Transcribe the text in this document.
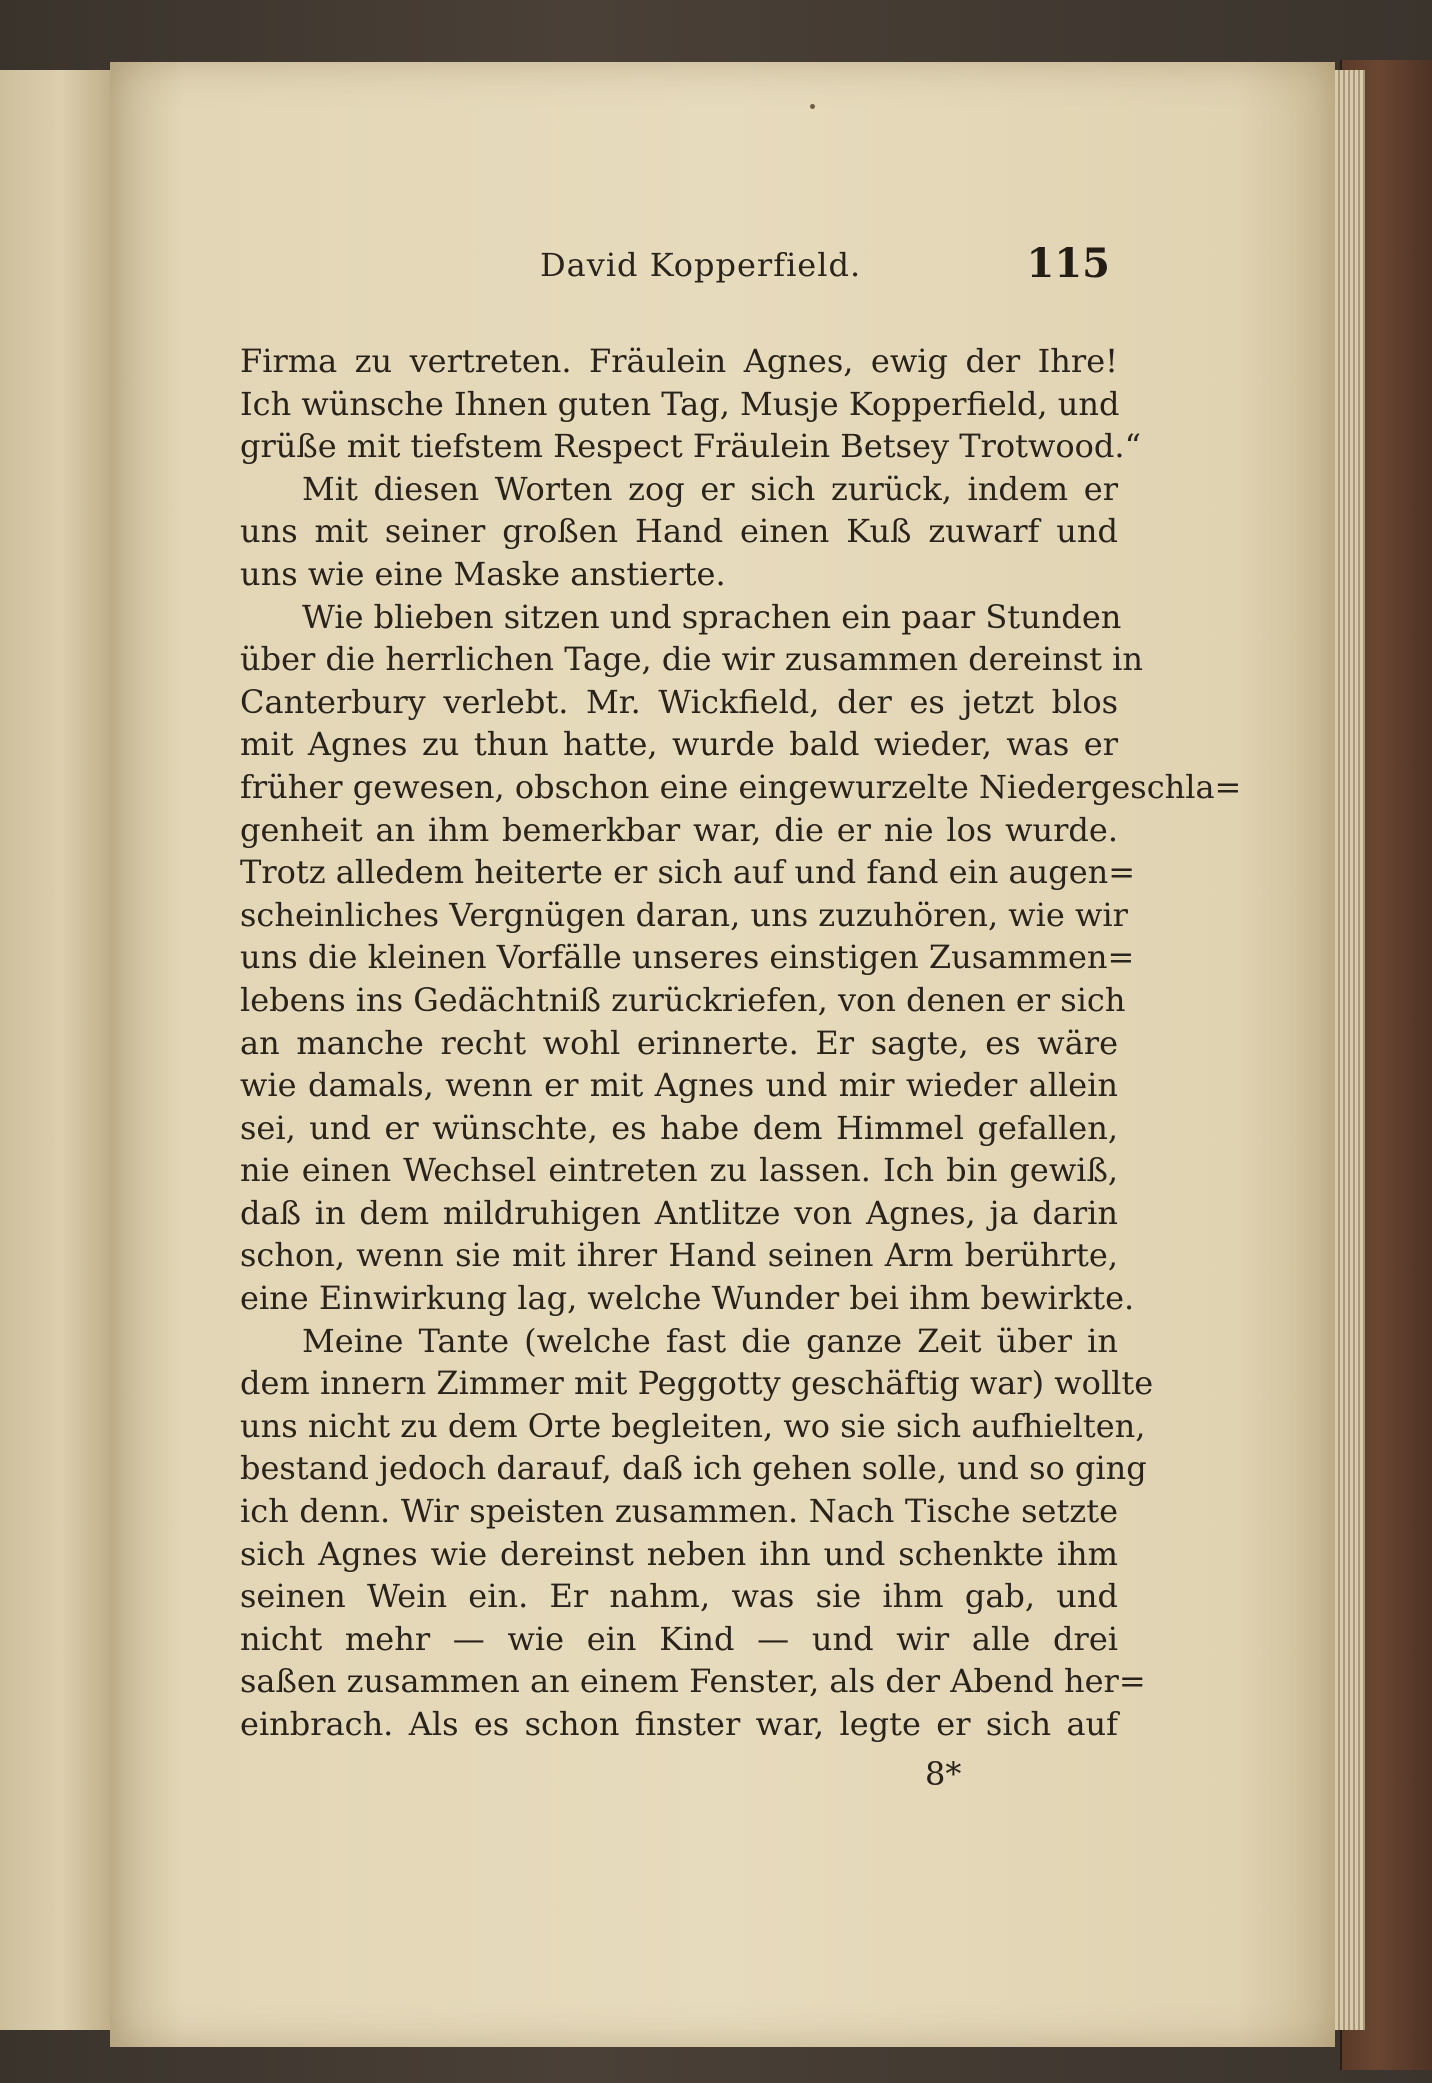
David Kopperfield.	115
Firma zu vertreten. Fräulein Agnes, ewig der Ihre!
Ich wünsche Ihnen guten Tag, Musje Kopperfield, und
grüße mit tiefstem Respect Fräulein Betsey Trotwood.“
Mit diesen Worten zog er sich zurück, indem er
uns mit seiner großen Hand einen Kuß zuwarf und
uns wie eine Maske anstierte.
Wie blieben sitzen und sprachen ein paar Stunden
über die herrlichen Tage, die wir zusammen dereinst in
Canterbury verlebt. Mr. Wickfield, der es jetzt blos
mit Agnes zu thun hatte, wurde bald wieder, was er
früher gewesen, obschon eine eingewurzelte Niedergeschla=
genheit an ihm bemerkbar war, die er nie los wurde.
Trotz alledem heiterte er sich auf und fand ein augen=
scheinliches Vergnügen daran, uns zuzuhören, wie wir
uns die kleinen Vorfälle unseres einstigen Zusammen=
lebens ins Gedächtniß zurückriefen, von denen er sich
an manche recht wohl erinnerte. Er sagte, es wäre
wie damals, wenn er mit Agnes und mir wieder allein
sei, und er wünschte, es habe dem Himmel gefallen,
nie einen Wechsel eintreten zu lassen. Ich bin gewiß,
daß in dem mildruhigen Antlitze von Agnes, ja darin
schon, wenn sie mit ihrer Hand seinen Arm berührte,
eine Einwirkung lag, welche Wunder bei ihm bewirkte.
Meine Tante (welche fast die ganze Zeit über in
dem innern Zimmer mit Peggotty geschäftig war) wollte
uns nicht zu dem Orte begleiten, wo sie sich aufhielten,
bestand jedoch darauf, daß ich gehen solle, und so ging
ich denn. Wir speisten zusammen. Nach Tische setzte
sich Agnes wie dereinst neben ihn und schenkte ihm
seinen Wein ein. Er nahm, was sie ihm gab, und
nicht mehr — wie ein Kind — und wir alle drei
saßen zusammen an einem Fenster, als der Abend her=
einbrach. Als es schon finster war, legte er sich auf
8*
